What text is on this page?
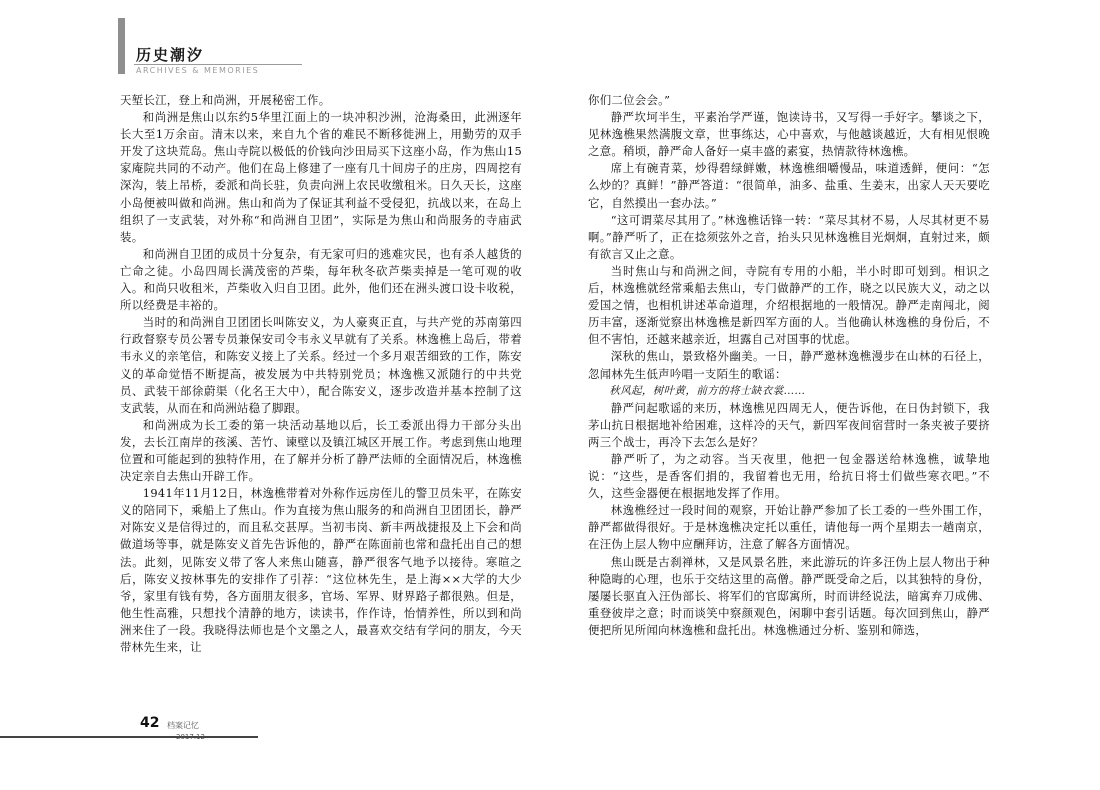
历史潮汐
ARCHIVES & MEMORIES

天堑长江，登上和尚洲，开展秘密工作。

和尚洲是焦山以东约5华里江面上的一块冲积沙洲，沧海桑田，此洲逐年长大至1万余亩。清末以来，来自九个省的难民不断移徙洲上，用勤劳的双手开发了这块荒岛。焦山寺院以极低的价钱向沙田局买下这座小岛，作为焦山15家庵院共同的不动产。他们在岛上修建了一座有几十间房子的庄房，四周挖有深沟，装上吊桥，委派和尚长驻，负责向洲上农民收缴租米。日久天长，这座小岛便被叫做和尚洲。焦山和尚为了保证其利益不受侵犯，抗战以来，在岛上组织了一支武装，对外称“和尚洲自卫团”，实际是为焦山和尚服务的寺庙武装。

和尚洲自卫团的成员十分复杂，有无家可归的逃难灾民，也有杀人越货的亡命之徒。小岛四周长满茂密的芦柴，每年秋冬砍芦柴卖掉是一笔可观的收入。和尚只收租米，芦柴收入归自卫团。此外，他们还在洲头渡口设卡收税，所以经费是丰裕的。

当时的和尚洲自卫团团长叫陈安义，为人豪爽正直，与共产党的苏南第四行政督察专员公署专员兼保安司令韦永义早就有了关系。林逸樵上岛后，带着韦永义的亲笔信，和陈安义接上了关系。经过一个多月艰苦细致的工作，陈安义的革命觉悟不断提高，被发展为中共特别党员；林逸樵又派随行的中共党员、武装干部徐蔚渠（化名王大中），配合陈安义，逐步改造并基本控制了这支武装，从而在和尚洲站稳了脚跟。

和尚洲成为长工委的第一块活动基地以后，长工委派出得力干部分头出发，去长江南岸的孩溪、苦竹、谏壁以及镇江城区开展工作。考虑到焦山地理位置和可能起到的独特作用，在了解并分析了静严法师的全面情况后，林逸樵决定亲自去焦山开辟工作。

1941年11月12日，林逸樵带着对外称作远房侄儿的警卫员朱平，在陈安义的陪同下，乘船上了焦山。作为直接为焦山服务的和尚洲自卫团团长，静严对陈安义是信得过的，而且私交甚厚。当初韦岗、新丰两战捷报及上下会和尚做道场等事，就是陈安义首先告诉他的，静严在陈面前也常和盘托出自己的想法。此刻，见陈安义带了客人来焦山随喜，静严很客气地予以接待。寒暄之后，陈安义按林事先的安排作了引荐：“这位林先生，是上海××大学的大少爷，家里有钱有势，各方面朋友很多，官场、军界、财界路子都很熟。但是，他生性高雅，只想找个清静的地方，读读书，作作诗，怡情养性，所以到和尚洲来住了一段。我晓得法师也是个文墨之人，最喜欢交结有学问的朋友，今天带林先生来，让

你们二位会会。”

静严坎坷半生，平素治学严谨，饱读诗书，又写得一手好字。攀谈之下，见林逸樵果然满腹文章，世事练达，心中喜欢，与他越谈越近，大有相见恨晚之意。稍顷，静严命人备好一桌丰盛的素宴，热情款待林逸樵。

席上有碗青菜，炒得碧绿鲜嫩，林逸樵细嚼慢品，味道透鲜，便问：“怎么炒的？真鲜！”静严答道：“很简单，油多、盐重、生姜末，出家人天天要吃它，自然摸出一套办法。”

“这可谓菜尽其用了。”林逸樵话锋一转：“菜尽其材不易，人尽其材更不易啊。”静严听了，正在捻须弦外之音，抬头只见林逸樵目光炯炯，直射过来，颇有欲言又止之意。

当时焦山与和尚洲之间，寺院有专用的小船，半小时即可划到。相识之后，林逸樵就经常乘船去焦山，专门做静严的工作，晓之以民族大义，动之以爱国之情，也相机讲述革命道理，介绍根据地的一般情况。静严走南闯北，阅历丰富，逐渐觉察出林逸樵是新四军方面的人。当他确认林逸樵的身份后，不但不害怕，还越来越亲近，坦露自己对国事的忧虑。

深秋的焦山，景致格外幽美。一日，静严邀林逸樵漫步在山林的石径上，忽闻林先生低声吟唱一支陌生的歌谣：

秋风起，树叶黄，前方的将士缺衣裳……

静严问起歌谣的来历，林逸樵见四周无人，便告诉他，在日伪封锁下，我茅山抗日根据地补给困难，这样冷的天气，新四军夜间宿营时一条夹被子要挤两三个战士，再冷下去怎么是好？

静严听了，为之动容。当天夜里，他把一包金器送给林逸樵，诚挚地说：“这些，是香客们捐的，我留着也无用，给抗日将士们做些寒衣吧。”不久，这些金器便在根据地发挥了作用。

林逸樵经过一段时间的观察，开始让静严参加了长工委的一些外围工作，静严都做得很好。于是林逸樵决定托以重任，请他每一两个星期去一趟南京，在汪伪上层人物中应酬拜访，注意了解各方面情况。

焦山既是古刹禅林，又是风景名胜，来此游玩的许多汪伪上层人物出于种种隐晦的心理，也乐于交结这里的高僧。静严既受命之后，以其独特的身份，屡屡长驱直入汪伪部长、将军们的官邸寓所，时而讲经说法，暗寓弃刀成佛、重登彼岸之意；时而谈笑中察颜观色，闲聊中套引话题。每次回到焦山，静严便把所见所闻向林逸樵和盘托出。林逸樵通过分析、鉴别和筛选，

42 档案记忆
2017.12
